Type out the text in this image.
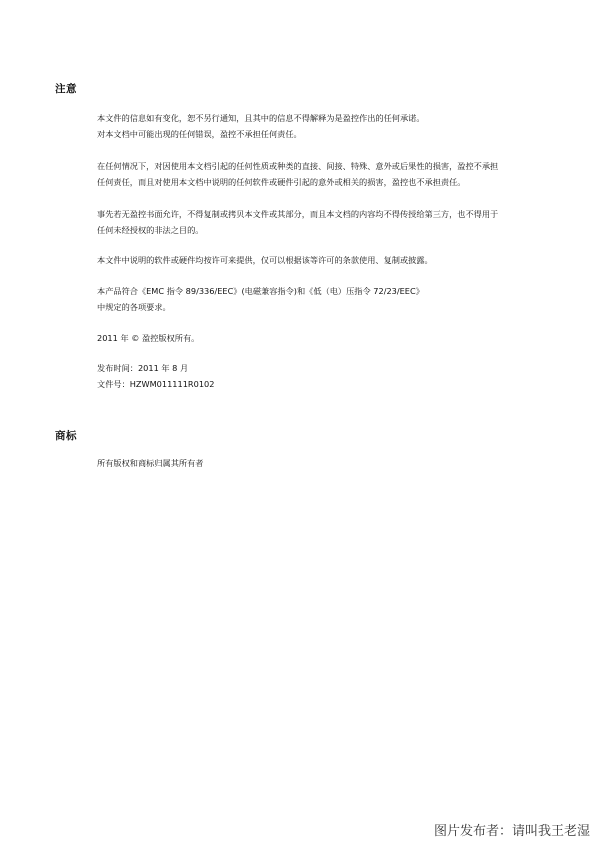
注意
本文件的信息如有变化，恕不另行通知，且其中的信息不得解释为是盈控作出的任何承诺。
对本文档中可能出现的任何错误，盈控不承担任何责任。
在任何情况下，对因使用本文档引起的任何性质或种类的直接、间接、特殊、意外或后果性的损害，盈控不承担
任何责任，而且对使用本文档中说明的任何软件或硬件引起的意外或相关的损害，盈控也不承担责任。
事先若无盈控书面允许，不得复制或拷贝本文件或其部分，而且本文档的内容均不得传授给第三方，也不得用于
任何未经授权的非法之目的。
本文件中说明的软件或硬件均按许可来提供，仅可以根据该等许可的条款使用、复制或披露。
本产品符合《EMC 指令 89/336/EEC》(电磁兼容指令)和《低（电）压指令 72/23/EEC》
中规定的各项要求。
2011 年 © 盈控版权所有。
发布时间：2011 年 8 月
文件号：HZWM011111R0102
商标
所有版权和商标归属其所有者
图片发布者：请叫我王老湿
